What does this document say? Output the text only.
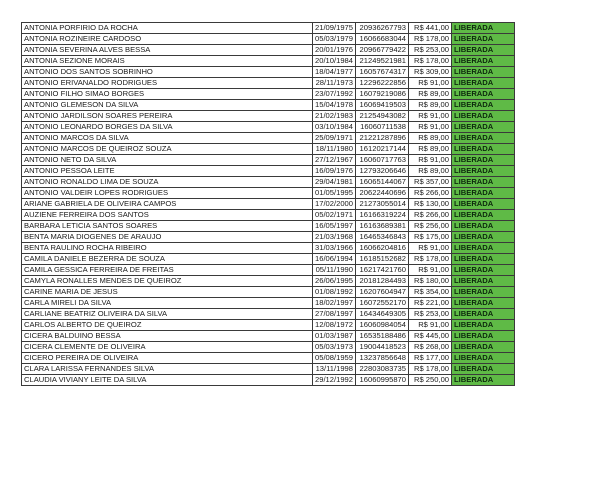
ANTONIA PORFIRIO DA ROCHA	21/09/1975	20936267793	R$ 441,00	LIBERADA
ANTONIA ROZINEIRE CARDOSO	05/03/1979	16066683044	R$ 178,00	LIBERADA
ANTONIA SEVERINA ALVES BESSA	20/01/1976	20966779422	R$ 253,00	LIBERADA
ANTONIA SEZIONE MORAIS	20/10/1984	21249521981	R$ 178,00	LIBERADA
ANTONIO DOS SANTOS SOBRINHO	18/04/1977	16057674317	R$ 309,00	LIBERADA
ANTONIO ERIVANALDO RODRIGUES	28/11/1973	12296222856	R$ 91,00	LIBERADA
ANTONIO FILHO SIMAO BORGES	23/07/1992	16079219086	R$ 89,00	LIBERADA
ANTONIO GLEMESON DA SILVA	15/04/1978	16069419503	R$ 89,00	LIBERADA
ANTONIO JARDILSON SOARES PEREIRA	21/02/1983	21254943082	R$ 91,00	LIBERADA
ANTONIO LEONARDO BORGES DA SILVA	03/10/1984	16060711538	R$ 91,00	LIBERADA
ANTONIO MARCOS DA SILVA	25/09/1971	21221287896	R$ 89,00	LIBERADA
ANTONIO MARCOS DE QUEIROZ SOUZA	18/11/1980	16120217144	R$ 89,00	LIBERADA
ANTONIO NETO DA SILVA	27/12/1967	16060717763	R$ 91,00	LIBERADA
ANTONIO PESSOA LEITE	16/09/1976	12793206646	R$ 89,00	LIBERADA
ANTONIO RONALDO LIMA DE SOUZA	29/04/1981	16065144067	R$ 357,00	LIBERADA
ANTONIO VALDEIR LOPES RODRIGUES	01/05/1995	20622440696	R$ 266,00	LIBERADA
ARIANE GABRIELA DE OLIVEIRA CAMPOS	17/02/2000	21273055014	R$ 130,00	LIBERADA
AUZIENE FERREIRA DOS SANTOS	05/02/1971	16166319224	R$ 266,00	LIBERADA
BARBARA LETICIA SANTOS SOARES	16/05/1997	16163689381	R$ 256,00	LIBERADA
BENTA MARIA DIOGENES DE ARAUJO	21/03/1968	16465346843	R$ 175,00	LIBERADA
BENTA RAULINO ROCHA RIBEIRO	31/03/1966	16066204816	R$ 91,00	LIBERADA
CAMILA DANIELE BEZERRA DE SOUZA	16/06/1994	16185152682	R$ 178,00	LIBERADA
CAMILA GESSICA FERREIRA DE FREITAS	05/11/1990	16217421760	R$ 91,00	LIBERADA
CAMYLA RONALLES MENDES DE QUEIROZ	26/06/1995	20181284493	R$ 180,00	LIBERADA
CARINE MARIA DE JESUS	01/08/1992	16207604947	R$ 354,00	LIBERADA
CARLA MIRELI DA SILVA	18/02/1997	16072552170	R$ 221,00	LIBERADA
CARLIANE BEATRIZ OLIVEIRA DA SILVA	27/08/1997	16434649305	R$ 253,00	LIBERADA
CARLOS ALBERTO DE QUEIROZ	12/08/1972	16060984054	R$ 91,00	LIBERADA
CICERA BALDUINO BESSA	01/03/1987	16535188486	R$ 445,00	LIBERADA
CICERA CLEMENTE DE OLIVEIRA	05/03/1973	19004418523	R$ 268,00	LIBERADA
CICERO PEREIRA DE OLIVEIRA	05/08/1959	13237856648	R$ 177,00	LIBERADA
CLARA LARISSA FERNANDES SILVA	13/11/1998	22803083735	R$ 178,00	LIBERADA
CLAUDIA VIVIANY LEITE DA SILVA	29/12/1992	16060995870	R$ 250,00	LIBERADA
